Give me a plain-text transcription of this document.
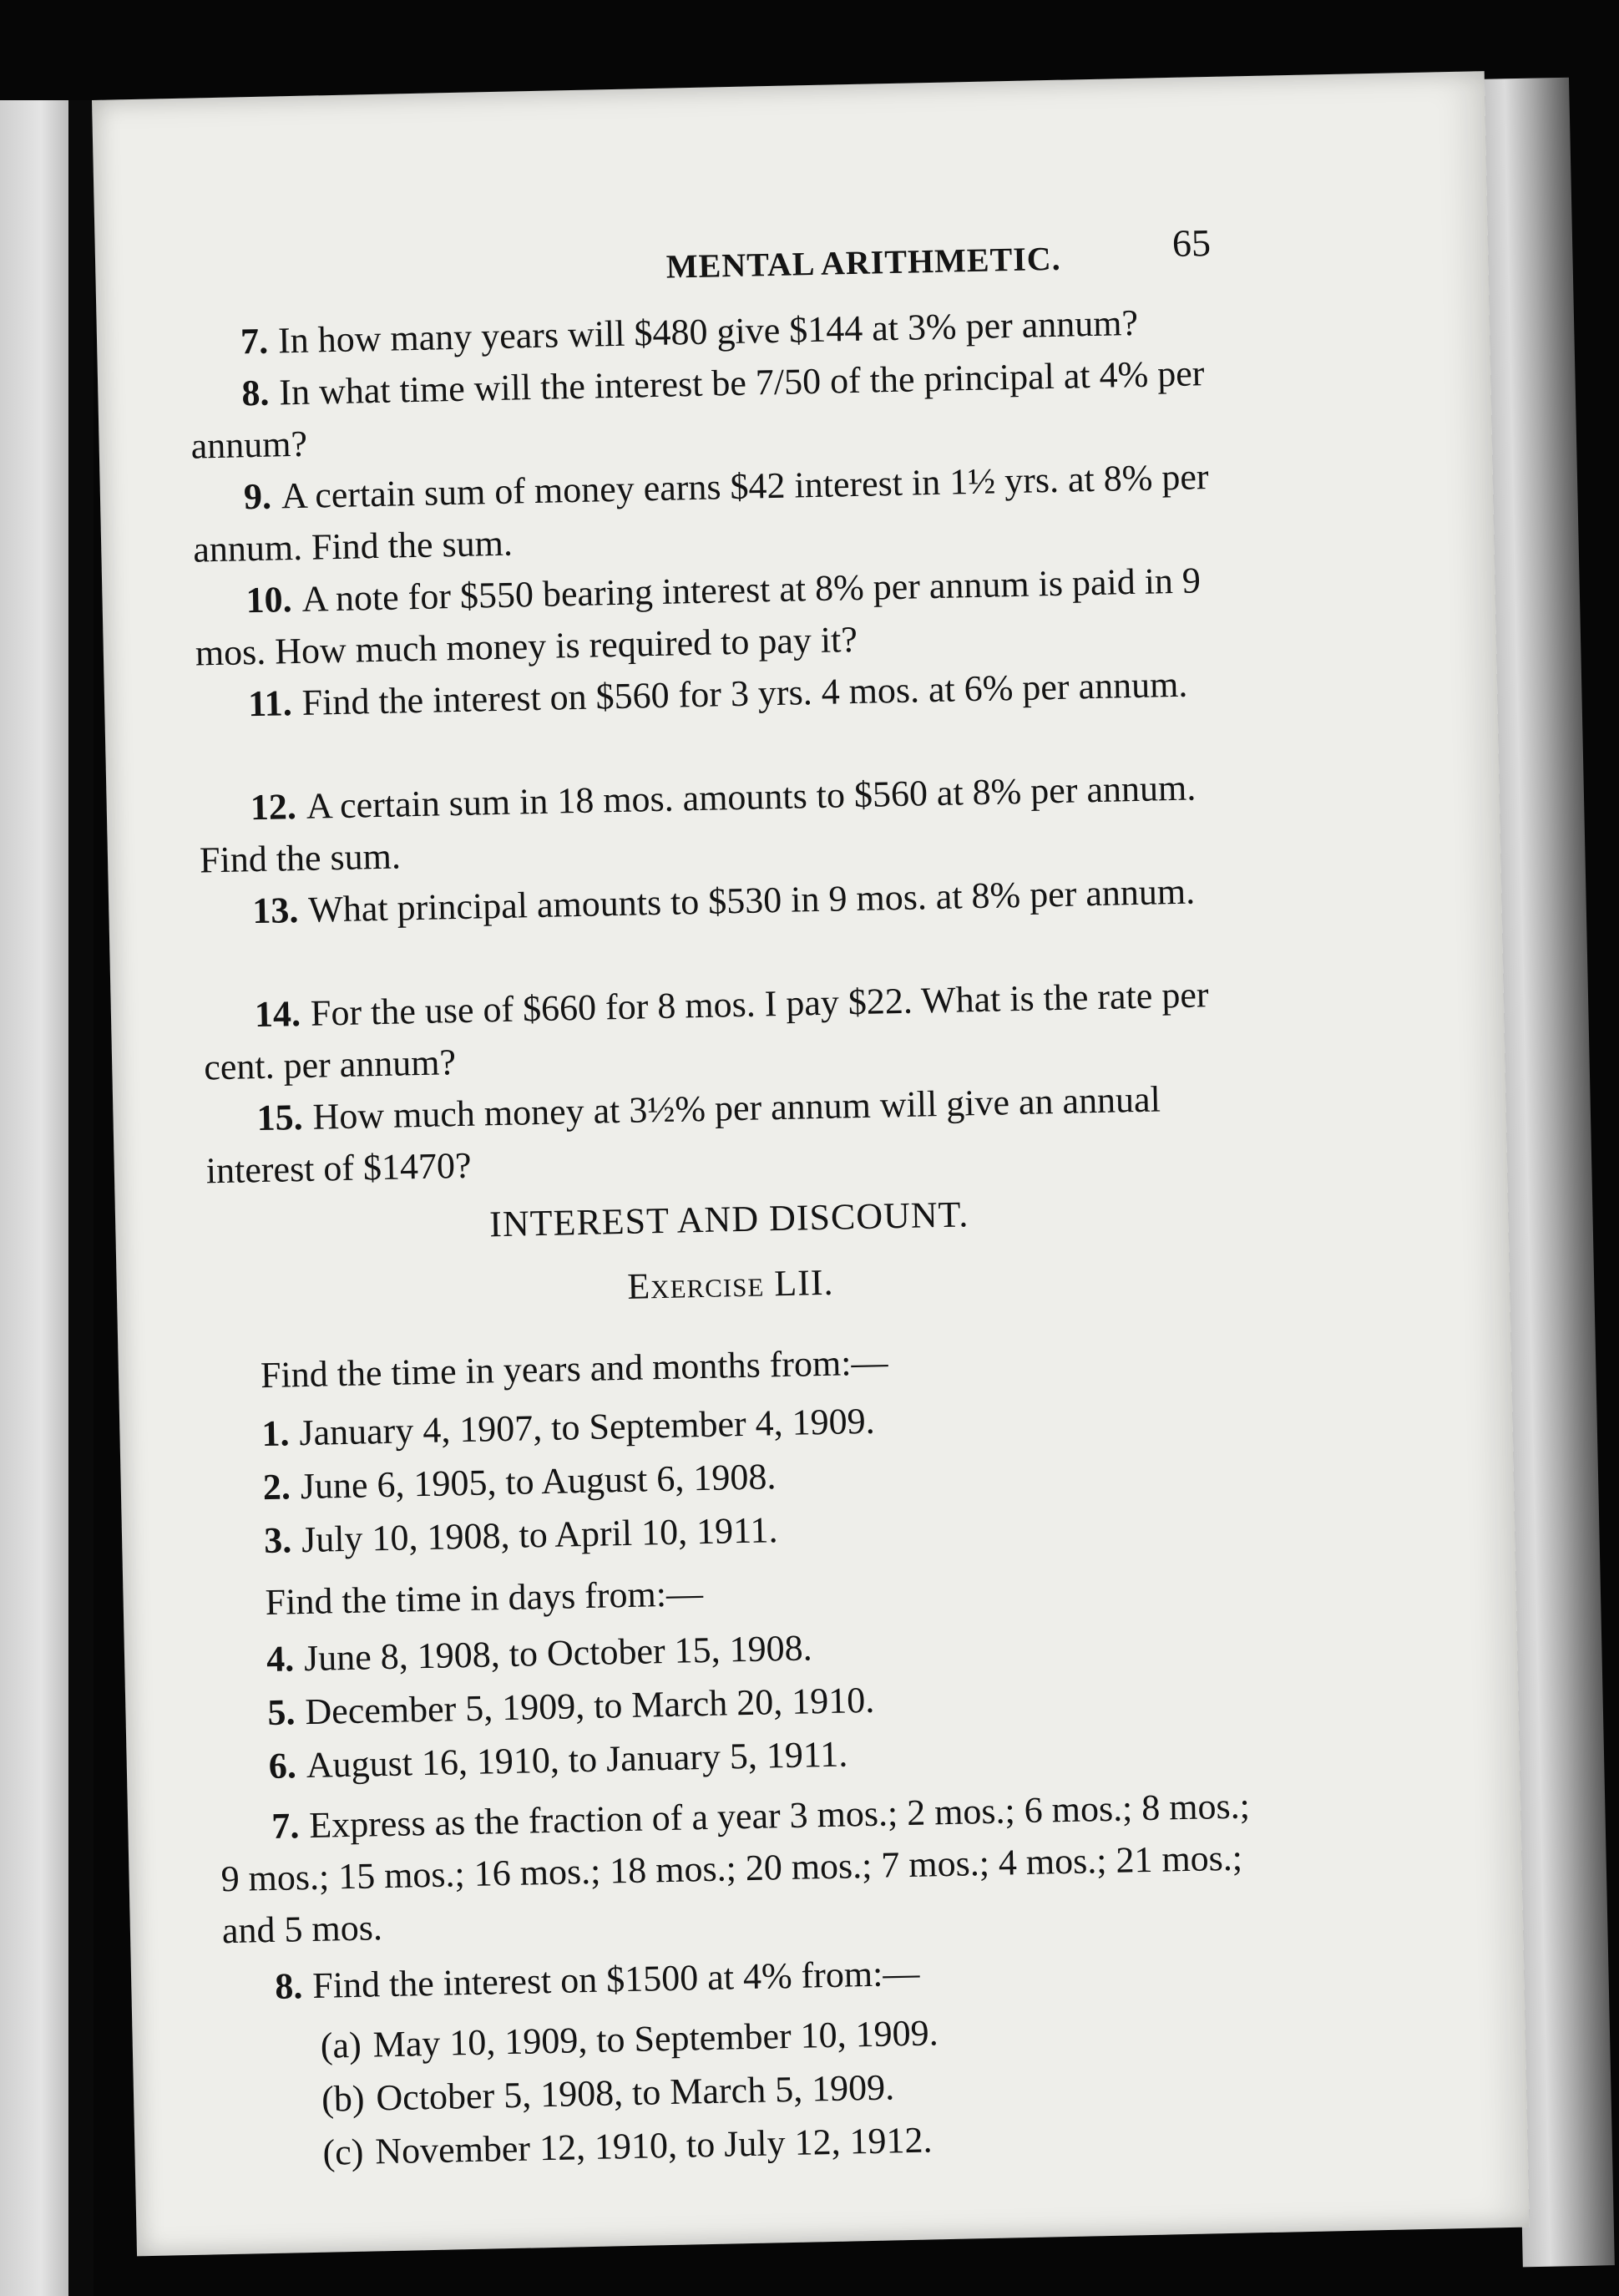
MENTAL ARITHMETIC.	65

7. In how many years will $480 give $144 at 3% per annum?

8. In what time will the interest be 7/50 of the principal at 4% per annum?

9. A certain sum of money earns $42 interest in 1½ yrs. at 8% per annum. Find the sum.

10. A note for $550 bearing interest at 8% per annum is paid in 9 mos. How much money is required to pay it?

11. Find the interest on $560 for 3 yrs. 4 mos. at 6% per annum.

12. A certain sum in 18 mos. amounts to $560 at 8% per annum. Find the sum.

13. What principal amounts to $530 in 9 mos. at 8% per annum.

14. For the use of $660 for 8 mos. I pay $22. What is the rate per cent. per annum?

15. How much money at 3½% per annum will give an annual interest of $1470?

INTEREST AND DISCOUNT.

Exercise LII.

Find the time in years and months from:—

1. January 4, 1907, to September 4, 1909.

2. June 6, 1905, to August 6, 1908.

3. July 10, 1908, to April 10, 1911.

Find the time in days from:—

4. June 8, 1908, to October 15, 1908.

5. December 5, 1909, to March 20, 1910.

6. August 16, 1910, to January 5, 1911.

7. Express as the fraction of a year 3 mos.; 2 mos.; 6 mos.; 8 mos.; 9 mos.; 15 mos.; 16 mos.; 18 mos.; 20 mos.; 7 mos.; 4 mos.; 21 mos.; and 5 mos.

8. Find the interest on $1500 at 4% from:—

(a) May 10, 1909, to September 10, 1909.

(b) October 5, 1908, to March 5, 1909.

(c) November 12, 1910, to July 12, 1912.
